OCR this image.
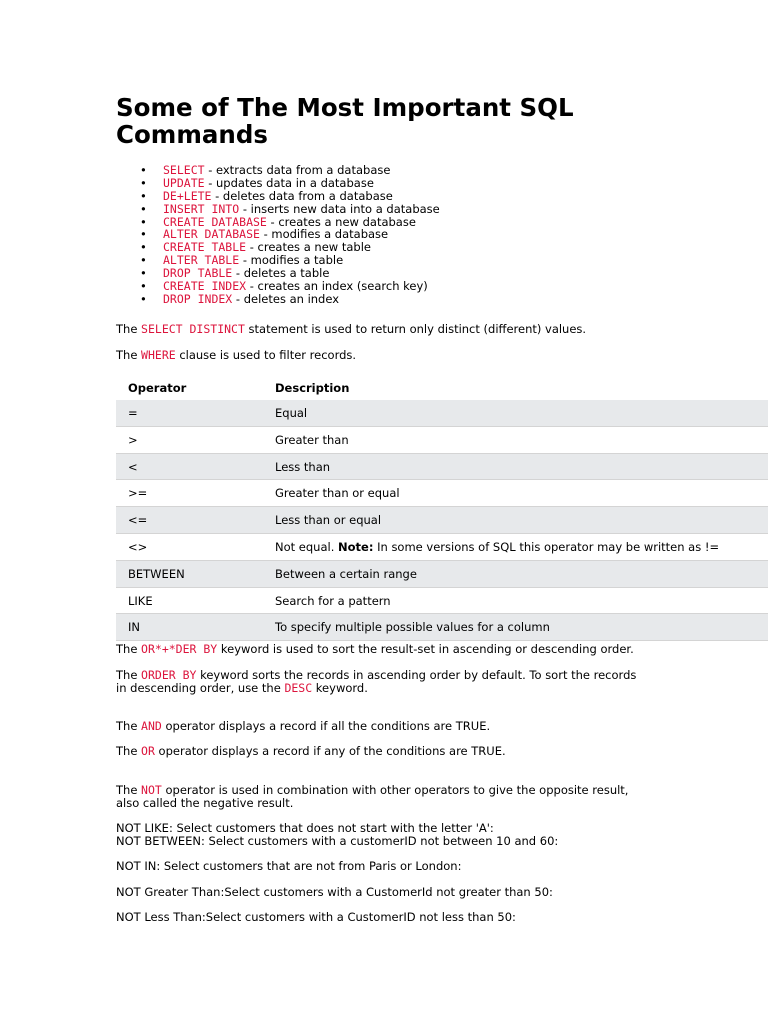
Some of The Most Important SQL Commands
• SELECT - extracts data from a database
• UPDATE - updates data in a database
• DE+LETE - deletes data from a database
• INSERT INTO - inserts new data into a database
• CREATE DATABASE - creates a new database
• ALTER DATABASE - modifies a database
• CREATE TABLE - creates a new table
• ALTER TABLE - modifies a table
• DROP TABLE - deletes a table
• CREATE INDEX - creates an index (search key)
• DROP INDEX - deletes an index
The SELECT DISTINCT statement is used to return only distinct (different) values.
The WHERE clause is used to filter records.
Operator	Description
=	Equal
>	Greater than
<	Less than
>=	Greater than or equal
<=	Less than or equal
<>	Not equal. Note: In some versions of SQL this operator may be written as !=
BETWEEN	Between a certain range
LIKE	Search for a pattern
IN	To specify multiple possible values for a column
The OR*+*DER BY keyword is used to sort the result-set in ascending or descending order.
The ORDER BY keyword sorts the records in ascending order by default. To sort the records
in descending order, use the DESC keyword.
The AND operator displays a record if all the conditions are TRUE.
The OR operator displays a record if any of the conditions are TRUE.
The NOT operator is used in combination with other operators to give the opposite result,
also called the negative result.
NOT LIKE: Select customers that does not start with the letter 'A':
NOT BETWEEN: Select customers with a customerID not between 10 and 60:
NOT IN: Select customers that are not from Paris or London:
NOT Greater Than:Select customers with a CustomerId not greater than 50:
NOT Less Than:Select customers with a CustomerID not less than 50:
